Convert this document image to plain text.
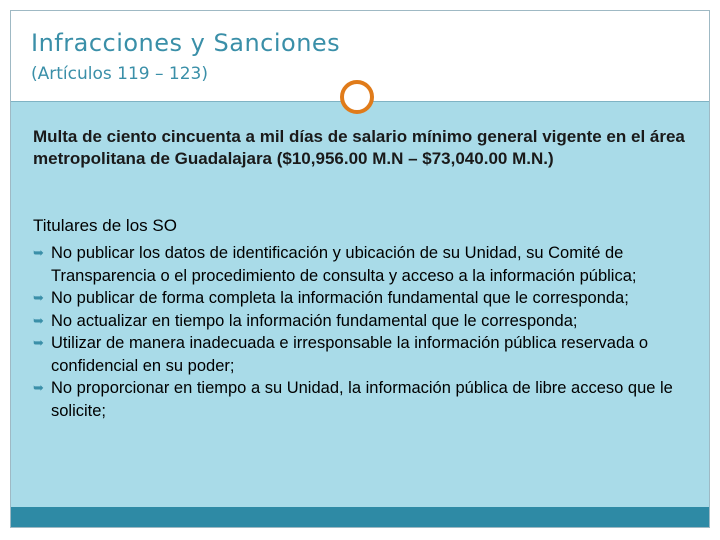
Infracciones y Sanciones
(Artículos 119 – 123)
Multa de ciento cincuenta a mil días de salario mínimo general vigente en el área metropolitana de Guadalajara ($10,956.00 M.N – $73,040.00 M.N.)
Titulares de los SO
➥ No publicar los datos de identificación y ubicación de su Unidad, su Comité de Transparencia o el procedimiento de consulta y acceso a la información pública;
➥ No publicar de forma completa la información fundamental que le corresponda;
➥ No actualizar en tiempo la información fundamental que le corresponda;
➥ Utilizar de manera inadecuada e irresponsable la información pública reservada o confidencial en su poder;
➥ No proporcionar en tiempo a su Unidad, la información pública de libre acceso que le solicite;
